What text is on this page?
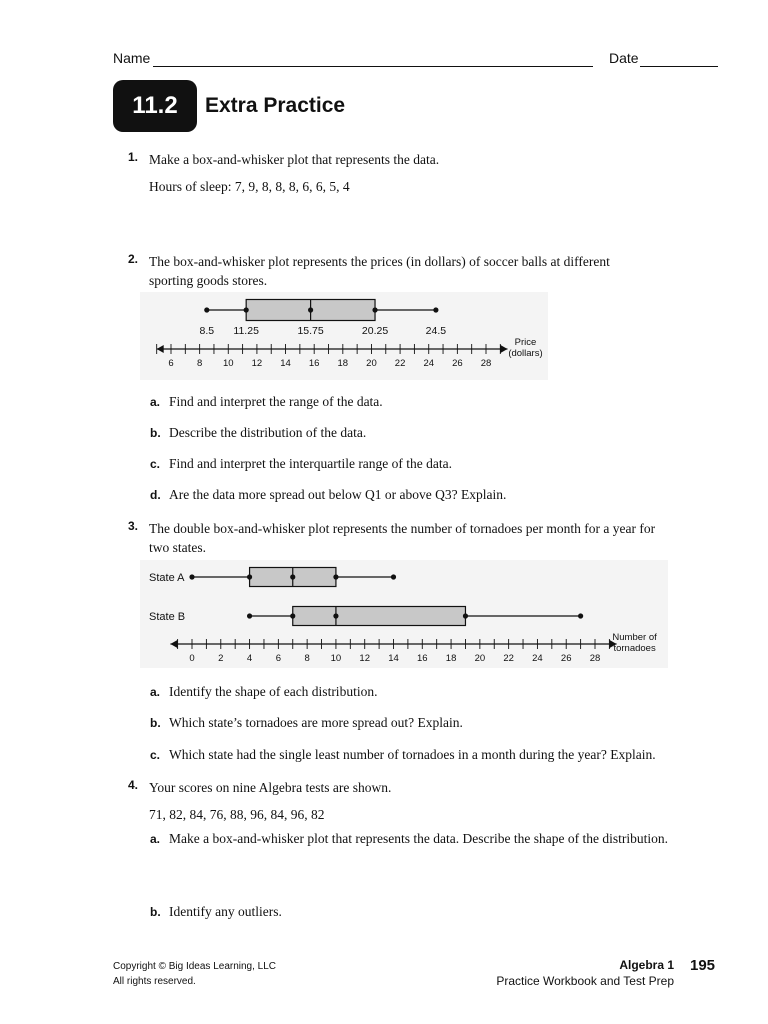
Name	Date
11.2	Extra Practice
1. Make a box-and-whisker plot that represents the data.
Hours of sleep: 7, 9, 8, 8, 8, 6, 6, 5, 4
2. The box-and-whisker plot represents the prices (in dollars) of soccer balls at different sporting goods stores.
8.5 11.25	15.75	20.25	24.5
6 8 10 12 14 16 18 20 22 24 26 28
Price
(dollars)
a. Find and interpret the range of the data.
b. Describe the distribution of the data.
c. Find and interpret the interquartile range of the data.
d. Are the data more spread out below Q1 or above Q3? Explain.
3. The double box-and-whisker plot represents the number of tornadoes per month for a year for two states.
State A
State B
0 2 4 6 8 10 12 14 16 18 20 22 24 26 28
Number of
tornadoes
a. Identify the shape of each distribution.
b. Which state’s tornadoes are more spread out? Explain.
c. Which state had the single least number of tornadoes in a month during the year? Explain.
4. Your scores on nine Algebra tests are shown.
71, 82, 84, 76, 88, 96, 84, 96, 82
a. Make a box-and-whisker plot that represents the data. Describe the shape of the distribution.
b. Identify any outliers.
Copyright © Big Ideas Learning, LLC
All rights reserved.
Algebra 1
Practice Workbook and Test Prep
195
